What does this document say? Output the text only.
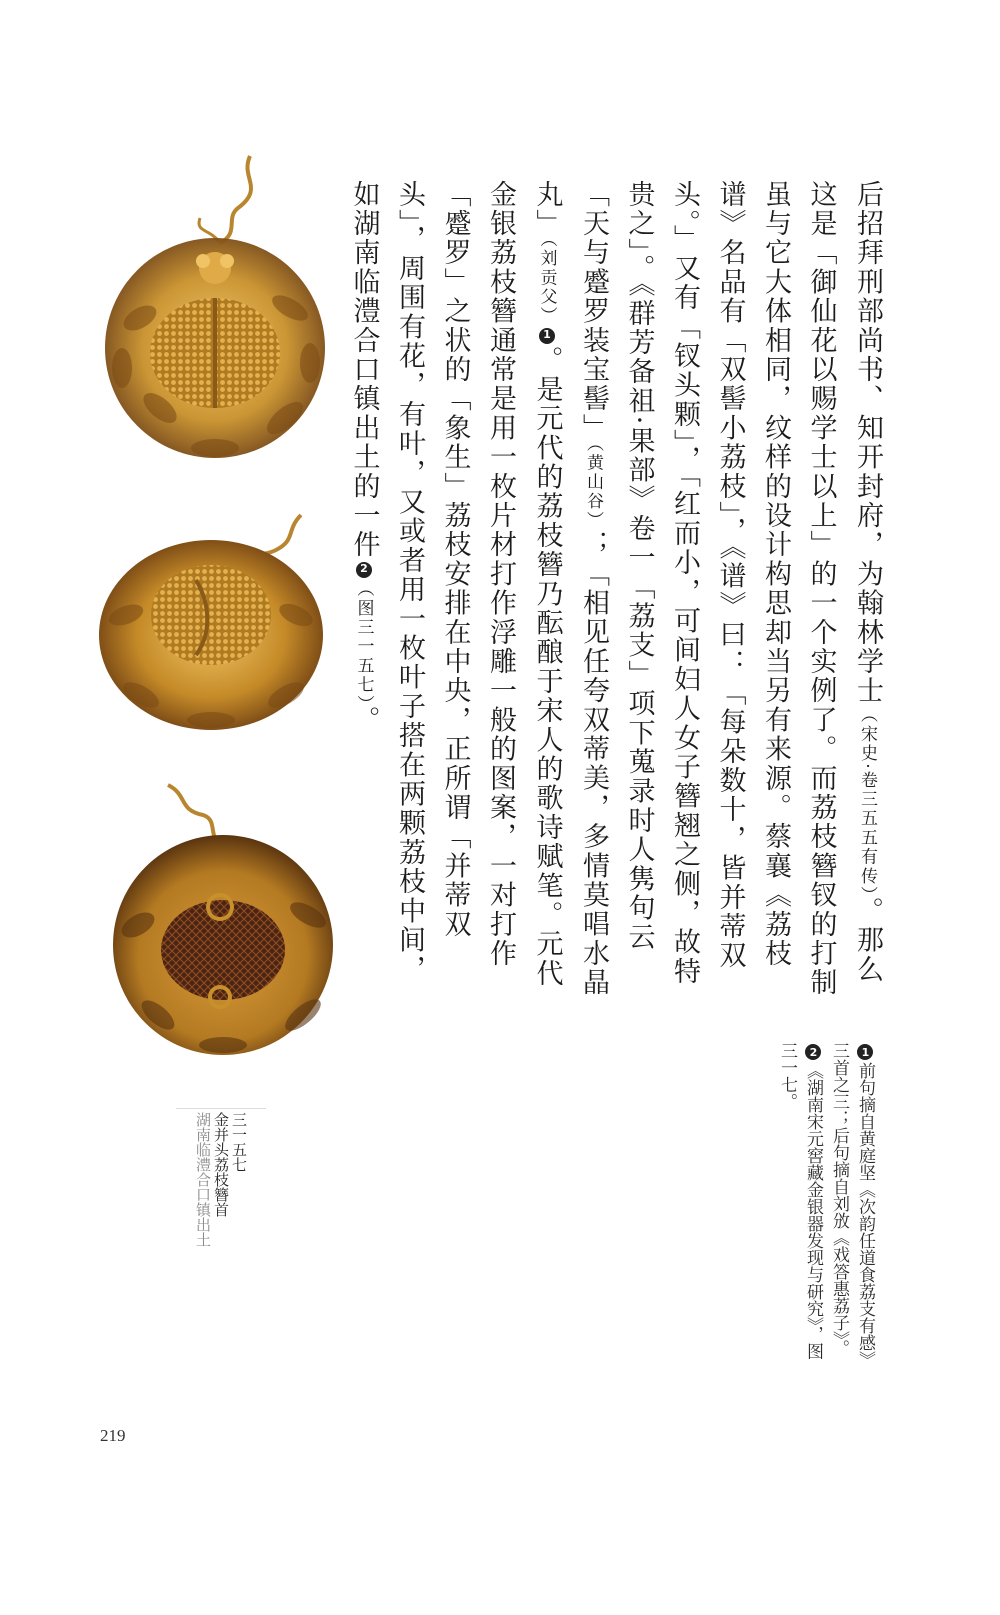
后招拜刑部尚书、知开封府，为翰林学士（宋史·卷三五五有传）。那么这是「御仙花以赐学士以上」的一个实例了。而荔枝簪钗的打制虽与它大体相同，纹样的设计构思却当另有来源。蔡襄《荔枝谱》名品有「双髻小荔枝」，《谱》曰：「每朵数十，皆并蒂双头。」又有「钗头颗」，「红而小，可间妇人女子簪翘之侧，故特贵之」。《群芳备祖·果部》卷一「荔支」项下蒐录时人隽句云「天与蹙罗装宝髻」（黄山谷）；「相见任夸双蒂美，多情莫唱水晶丸」（刘贡父）1。是元代的荔枝簪乃酝酿于宋人的歌诗赋笔。元代金银荔枝簪通常是用一枚片材打作浮雕一般的图案，一对打作「蹙罗」之状的「象生」荔枝安排在中央，正所谓「并蒂双头」，周围有花，有叶，又或者用一枚叶子搭在两颗荔枝中间，如湖南临澧合口镇出土的一件2（图三一五七）。

三一五七
金并头荔枝簪首
湖南临澧合口镇出土
1前句摘自黄庭坚《次韵任道食荔支有感》三首之三；后句摘自刘攽《戏答惠荔子》。2《湖南宋元窖藏金银器发现与研究》，图三一七。
219
